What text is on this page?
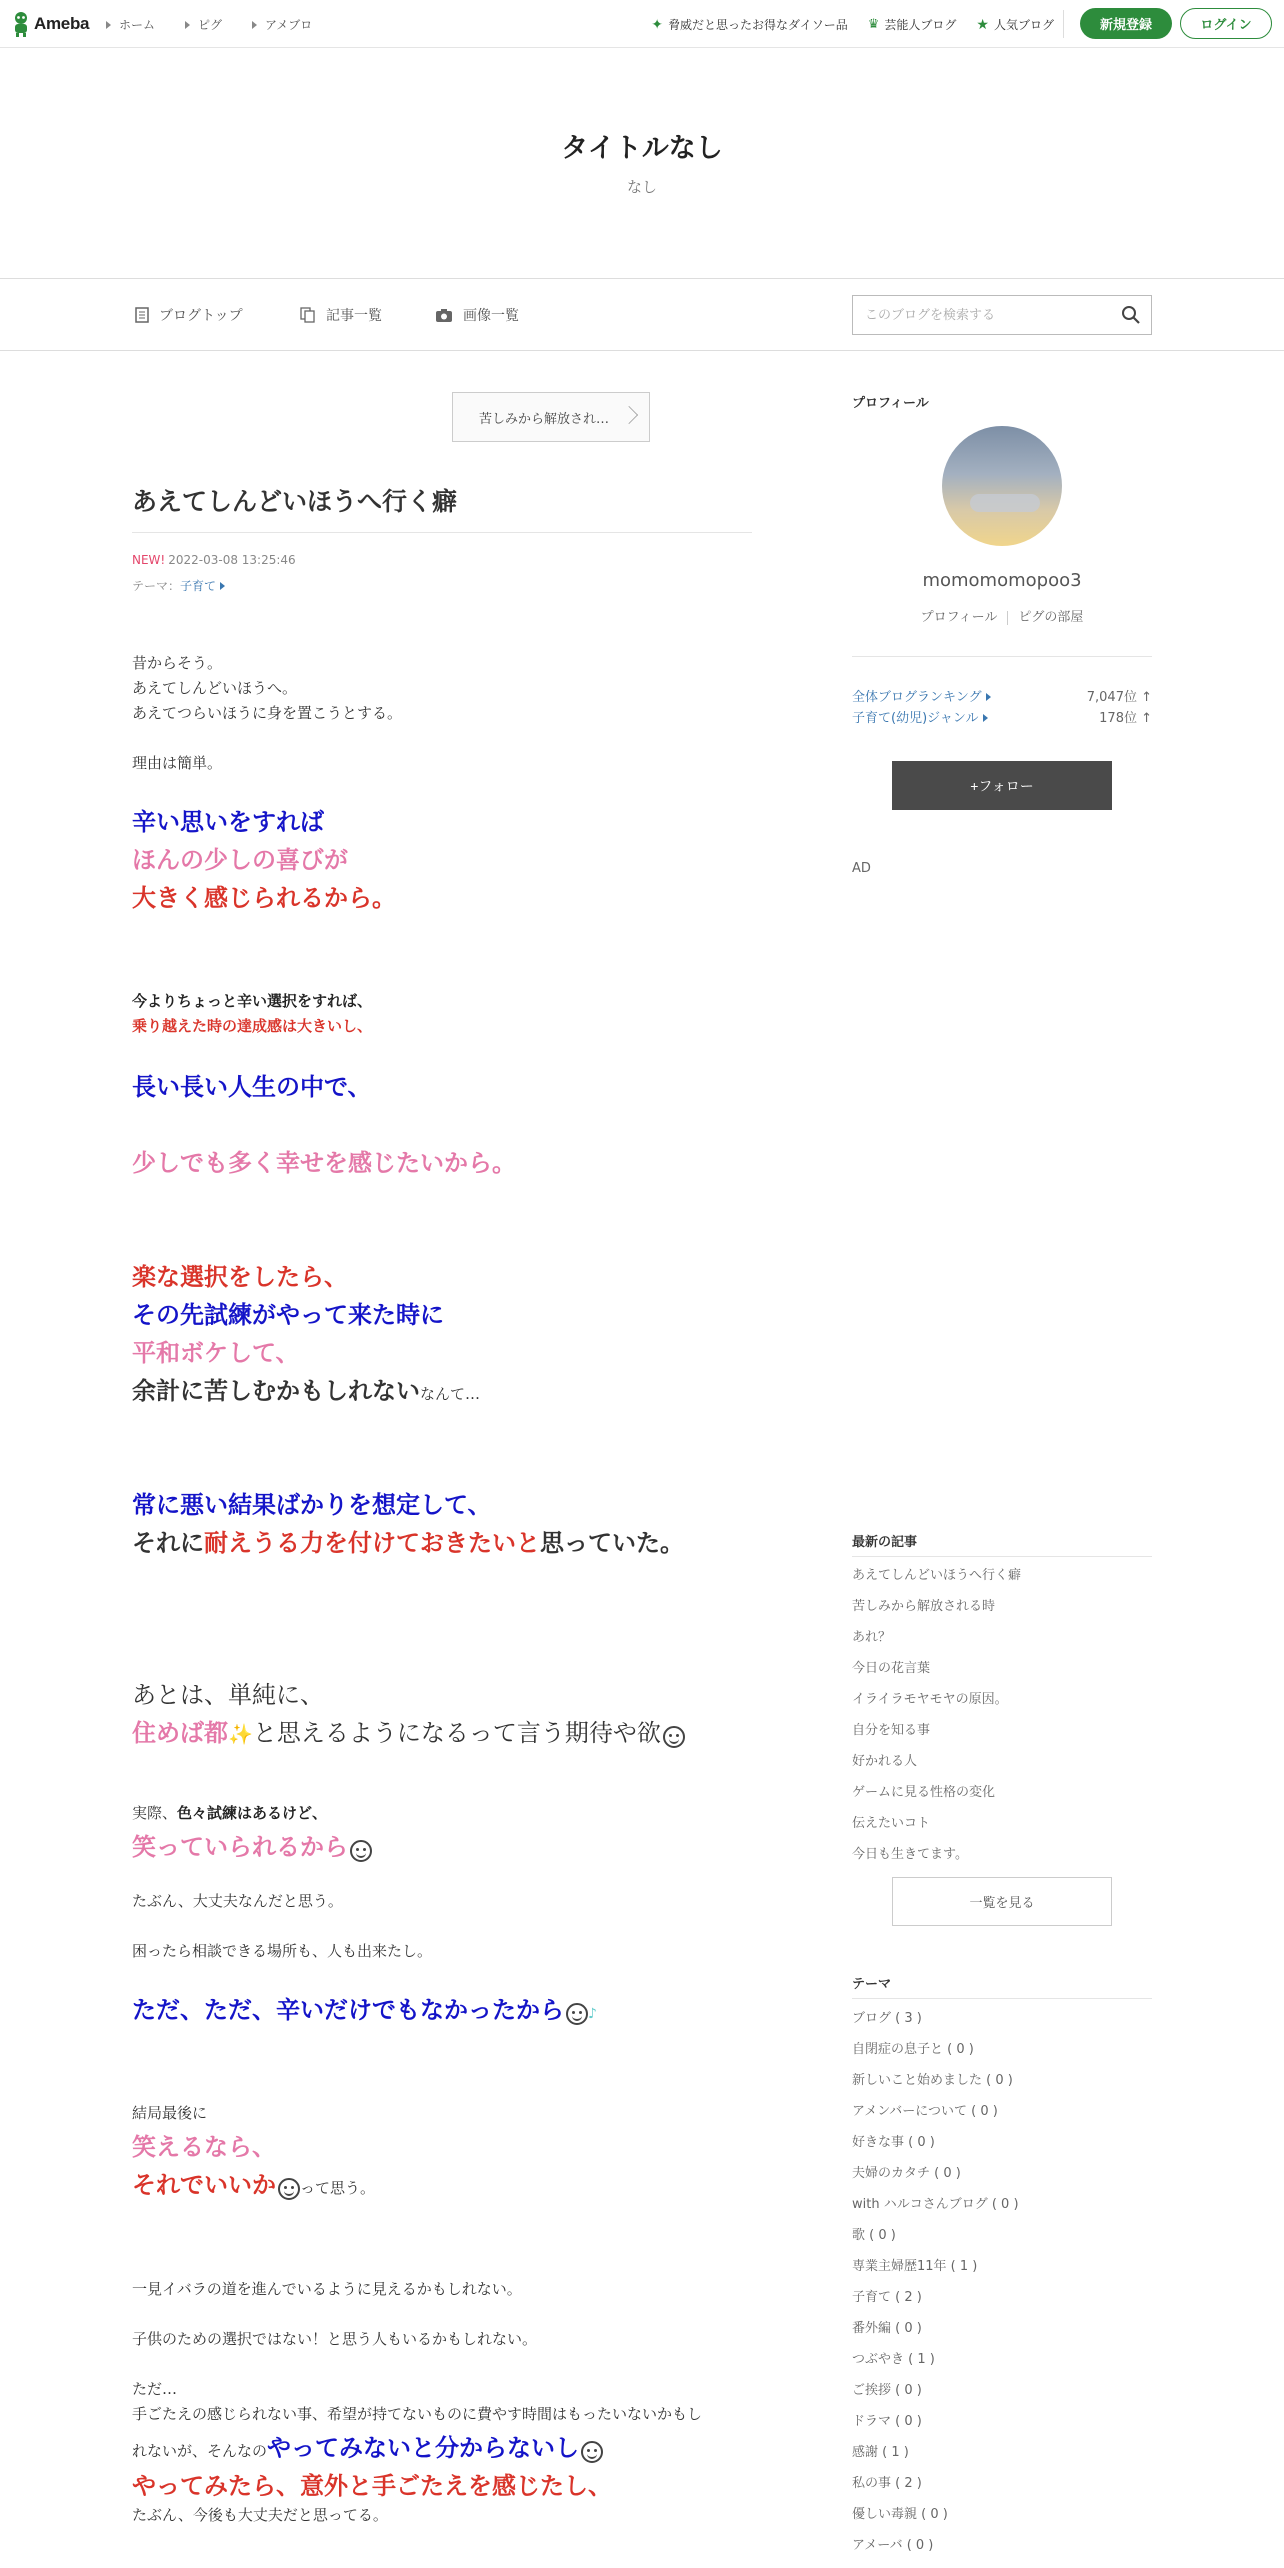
Ameba ホーム	ピグ	アメブロ	✦ 脅威だと思ったお得なダイソー品 ♛ 芸能人ブログ ★ 人気ブログ	新規登録	ログイン
タイトルなし
なし
ブログトップ	記事一覧	画像一覧
このブログを検索する
苦しみから解放され…
あえてしんどいほうへ行く癖
NEW! 2022-03-08 13:25:46
テーマ：子育て
昔からそう。
あえてしんどいほうへ。
あえてつらいほうに身を置こうとする。
理由は簡単。
辛い思いをすれば
ほんの少しの喜びが
大きく感じられるから。
今よりちょっと辛い選択をすれば、
乗り越えた時の達成感は大きいし、
長い長い人生の中で、
少しでも多く幸せを感じたいから。
楽な選択をしたら、
その先試練がやって来た時に
平和ボケして、
余計に苦しむかもしれないなんて…
常に悪い結果ばかりを想定して、
それに耐えうる力を付けておきたいと思っていた。
あとは、単純に、
住めば都✨と思えるようになるって言う期待や欲
実際、色々試練はあるけど、
笑っていられるから
たぶん、大丈夫なんだと思う。
困ったら相談できる場所も、人も出来たし。
ただ、ただ、辛いだけでもなかったから ♪
結局最後に
笑えるなら、
それでいいか って思う。
一見イバラの道を進んでいるように見えるかもしれない。
子供のための選択ではない！と思う人もいるかもしれない。
ただ…
手ごたえの感じられない事、希望が持てないものに費やす時間はもったいないかもし
れないが、そんなのやってみないと分からないし
やってみたら、意外と手ごたえを感じたし、
たぶん、今後も大丈夫だと思ってる。
プロフィール
momomomopoo3
プロフィール ピグの部屋
全体ブログランキング	7,047位 ↑
子育て(幼児)ジャンル	178位 ↑
+フォロー
AD
最新の記事
あえてしんどいほうへ行く癖
苦しみから解放される時
あれ？
今日の花言葉
イライラモヤモヤの原因。
自分を知る事
好かれる人
ゲームに見る性格の変化
伝えたいコト
今日も生きてます。
一覧を見る
テーマ
ブログ ( 3 )
自閉症の息子と ( 0 )
新しいこと始めました ( 0 )
アメンバーについて ( 0 )
好きな事 ( 0 )
夫婦のカタチ ( 0 )
with ハルコさんブログ ( 0 )
歌 ( 0 )
専業主婦歴11年 ( 1 )
子育て ( 2 )
番外編 ( 0 )
つぶやき ( 1 )
ご挨拶 ( 0 )
ドラマ ( 0 )
感謝 ( 1 )
私の事 ( 2 )
優しい毒親 ( 0 )
アメーバ ( 0 )
